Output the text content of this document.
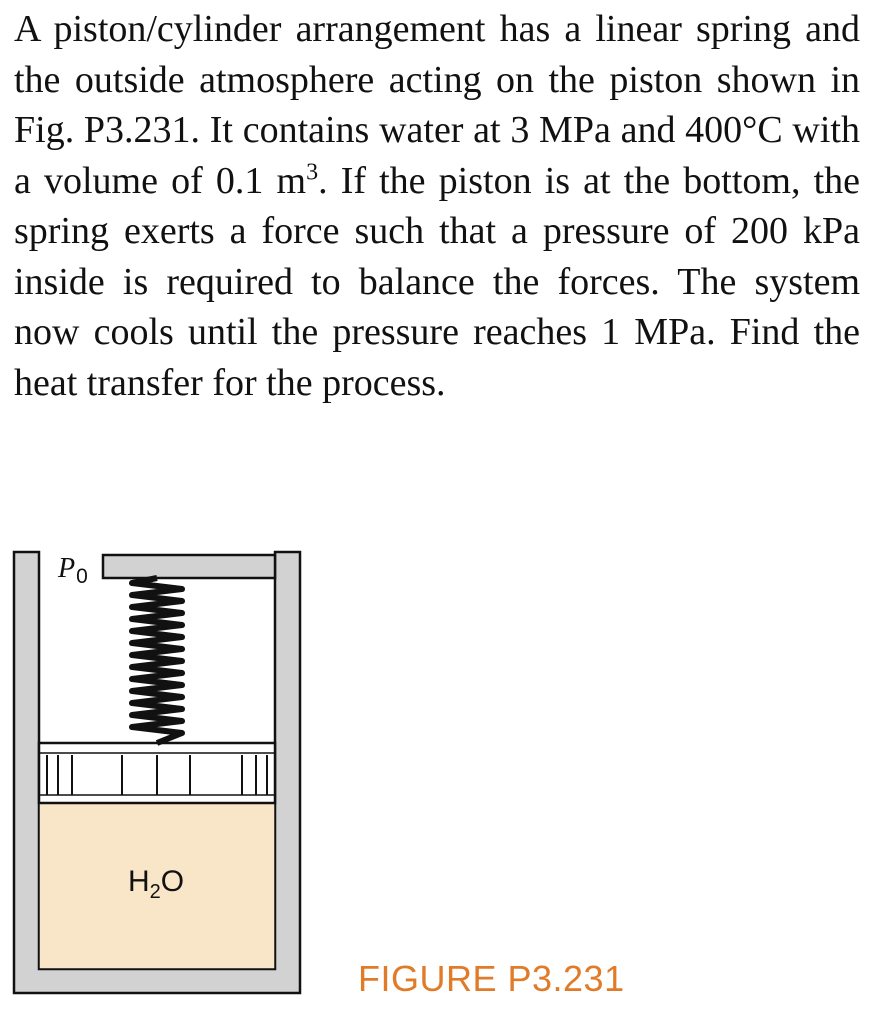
A piston/cylinder arrangement has a linear spring and the outside atmosphere acting on the piston shown in Fig. P3.231. It contains water at 3 MPa and 400°C with a volume of 0.1 $m^3$. If the piston is at the bottom, the spring exerts a force such that a pressure of 200 kPa inside is required to balance the forces. The system now cools until the pressure reaches 1 MPa. Find the heat transfer for the process.

$P_0$
$H_2O$

FIGURE P3.231
